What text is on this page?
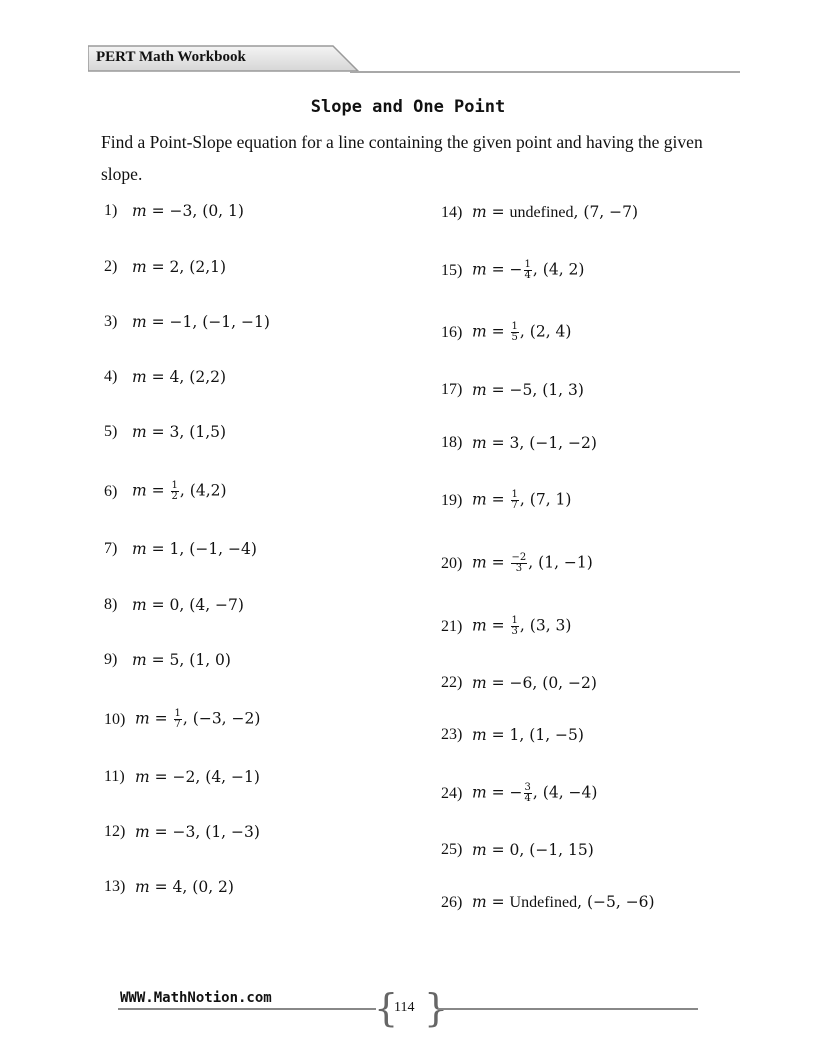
PERT Math Workbook
Slope and One Point
Find a Point-Slope equation for a line containing the given point and having the given slope.
1) m = −3, (0, 1)
2) m = 2, (2,1)
3) m = −1, (−1, −1)
4) m = 4, (2,2)
5) m = 3, (1,5)
6) $m = \frac{1}{2}$ , (4,2)
7) m = 1, (−1, −4)
8) m = 0, (4, −7)
9) m = 5, (1, 0)
10) $m = \frac{1}{7}$ , (−3, −2)
11) m = −2, (4, −1)
12) m = −3, (1, −3)
13) m = 4, (0, 2)
14) m = undefined, (7, −7)
15) m = − $\frac{1}{4}$ , (4, 2)
16) $m = \frac{1}{5}$ , (2, 4)
17) m = −5, (1, 3)
18) m = 3, (−1, −2)
19) $m = \frac{1}{7}$ , (7, 1)
20) $m = \frac{-2}{3}$ , (1, −1)
21) $m = \frac{1}{3}$ , (3, 3)
22) m = −6, (0, −2)
23) m = 1, (1, −5)
24) m = − $\frac{3}{4}$ , (4, −4)
25) m = 0, (−1, 15)
26) m = Undefined, (−5, −6)
WWW.MathNotion.com	{
114 }
